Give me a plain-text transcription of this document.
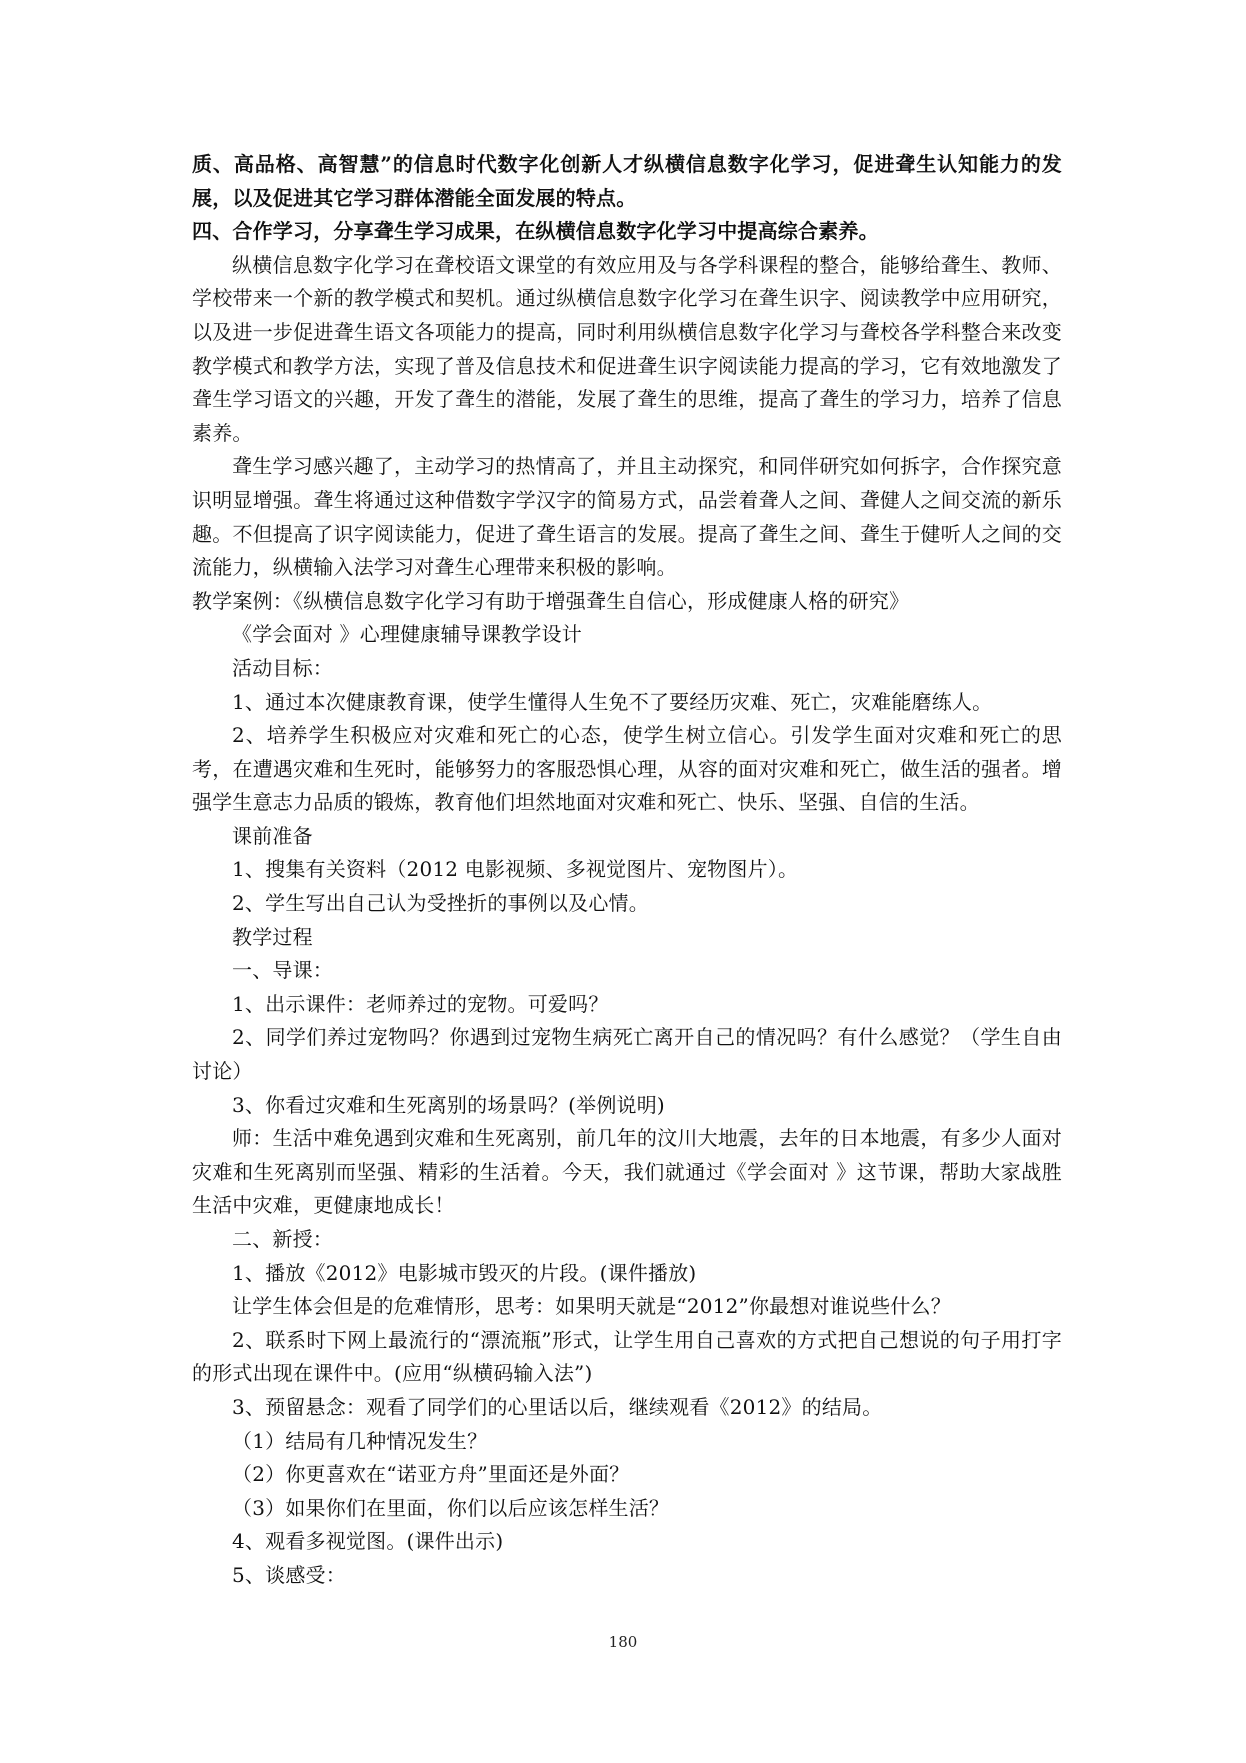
质、高品格、高智慧”的信息时代数字化创新人才纵横信息数字化学习，促进聋生认知能力的发展，以及促进其它学习群体潜能全面发展的特点。

四、合作学习，分享聋生学习成果，在纵横信息数字化学习中提高综合素养。

纵横信息数字化学习在聋校语文课堂的有效应用及与各学科课程的整合，能够给聋生、教师、学校带来一个新的教学模式和契机。通过纵横信息数字化学习在聋生识字、阅读教学中应用研究，以及进一步促进聋生语文各项能力的提高，同时利用纵横信息数字化学习与聋校各学科整合来改变教学模式和教学方法，实现了普及信息技术和促进聋生识字阅读能力提高的学习，它有效地激发了聋生学习语文的兴趣，开发了聋生的潜能，发展了聋生的思维，提高了聋生的学习力，培养了信息素养。

聋生学习感兴趣了，主动学习的热情高了，并且主动探究，和同伴研究如何拆字，合作探究意识明显增强。聋生将通过这种借数字学汉字的简易方式，品尝着聋人之间、聋健人之间交流的新乐趣。不但提高了识字阅读能力，促进了聋生语言的发展。提高了聋生之间、聋生于健听人之间的交流能力，纵横输入法学习对聋生心理带来积极的影响。

教学案例：《纵横信息数字化学习有助于增强聋生自信心，形成健康人格的研究》

《学会面对 》心理健康辅导课教学设计

活动目标：

1、通过本次健康教育课，使学生懂得人生免不了要经历灾难、死亡，灾难能磨练人。

2、培养学生积极应对灾难和死亡的心态，使学生树立信心。引发学生面对灾难和死亡的思考，在遭遇灾难和生死时，能够努力的客服恐惧心理，从容的面对灾难和死亡，做生活的强者。增强学生意志力品质的锻炼，教育他们坦然地面对灾难和死亡、快乐、坚强、自信的生活。

课前准备

1、搜集有关资料（2012 电影视频、多视觉图片、宠物图片）。

2、学生写出自己认为受挫折的事例以及心情。

教学过程

一、导课：

1、出示课件：老师养过的宠物。可爱吗？

2、同学们养过宠物吗？你遇到过宠物生病死亡离开自己的情况吗？有什么感觉？（学生自由讨论）

3、你看过灾难和生死离别的场景吗？(举例说明)

师：生活中难免遇到灾难和生死离别，前几年的汶川大地震，去年的日本地震，有多少人面对灾难和生死离别而坚强、精彩的生活着。今天，我们就通过《学会面对 》这节课，帮助大家战胜生活中灾难，更健康地成长！

二、新授：

1、播放《2012》电影城市毁灭的片段。(课件播放)

让学生体会但是的危难情形，思考：如果明天就是“2012”你最想对谁说些什么？

2、联系时下网上最流行的“漂流瓶”形式，让学生用自己喜欢的方式把自己想说的句子用打字的形式出现在课件中。(应用“纵横码输入法”)

3、预留悬念：观看了同学们的心里话以后，继续观看《2012》的结局。

（1）结局有几种情况发生？

（2）你更喜欢在“诺亚方舟”里面还是外面？

（3）如果你们在里面，你们以后应该怎样生活？

4、观看多视觉图。(课件出示)

5、谈感受：

180
